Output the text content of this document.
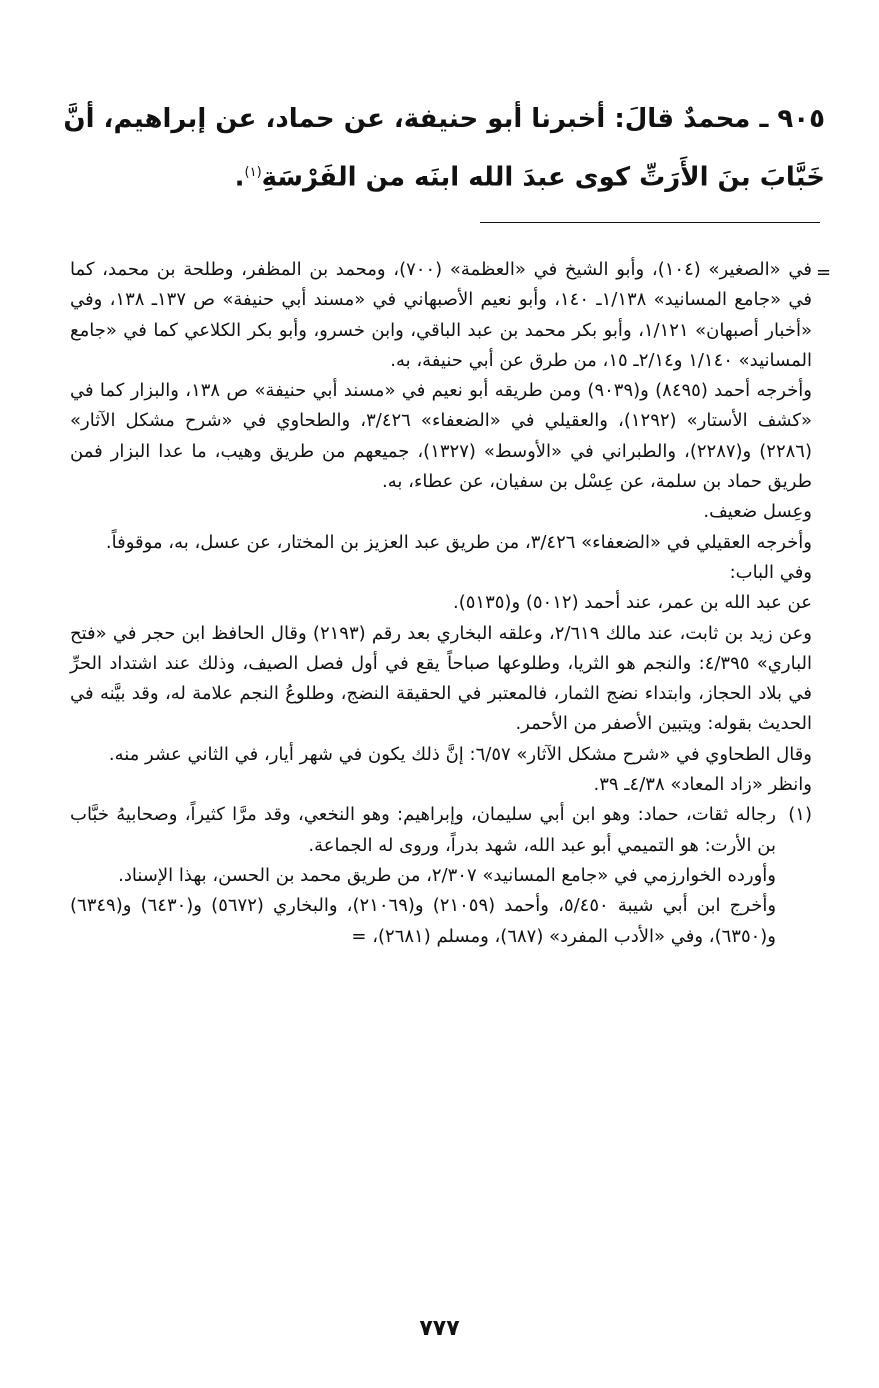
٩٠٥ ـ محمدٌ قالَ: أخبرنا أبو حنيفة، عن حماد، عن إبراهيم، أنَّ
خَبَّابَ بنَ الأَرَتِّ كوى عبدَ الله ابنَه من الفَرْسَةِ$^{(١)}$.
=

في «الصغير» (١٠٤)، وأبو الشيخ في «العظمة» (٧٠٠)، ومحمد بن المظفر، وطلحة بن محمد، كما في «جامع المسانيد» ١/١٣٨ـ ١٤٠، وأبو نعيم الأصبهاني في «مسند أبي حنيفة» ص ١٣٧ـ ١٣٨، وفي «أخبار أصبهان» ١/١٢١، وأبو بكر محمد بن عبد الباقي، وابن خسرو، وأبو بكر الكلاعي كما في «جامع المسانيد» ١/١٤٠ و٢/١٤ـ ١٥، من طرق عن أبي حنيفة، به.

وأخرجه أحمد (٨٤٩٥) و(٩٠٣٩) ومن طريقه أبو نعيم في «مسند أبي حنيفة» ص ١٣٨، والبزار كما في «كشف الأستار» (١٢٩٢)، والعقيلي في «الضعفاء» ٣/٤٢٦، والطحاوي في «شرح مشكل الآثار» (٢٢٨٦) و(٢٢٨٧)، والطبراني في «الأوسط» (١٣٢٧)، جميعهم من طريق وهيب، ما عدا البزار فمن طريق حماد بن سلمة، عن عِسْل بن سفيان، عن عطاء، به.

وعِسل ضعيف.

وأخرجه العقيلي في «الضعفاء» ٣/٤٢٦، من طريق عبد العزيز بن المختار، عن عسل، به، موقوفاً.

وفي الباب:

عن عبد الله بن عمر، عند أحمد (٥٠١٢) و(٥١٣٥).

وعن زيد بن ثابت، عند مالك ٢/٦١٩، وعلقه البخاري بعد رقم (٢١٩٣) وقال الحافظ ابن حجر في «فتح الباري» ٤/٣٩٥: والنجم هو الثريا، وطلوعها صباحاً يقع في أول فصل الصيف، وذلك عند اشتداد الحرِّ في بلاد الحجاز، وابتداء نضج الثمار، فالمعتبر في الحقيقة النضج، وطلوعُ النجم علامة له، وقد بيَّنه في الحديث بقوله: ويتبين الأصفر من الأحمر.

وقال الطحاوي في «شرح مشكل الآثار» ٦/٥٧: إنَّ ذلك يكون في شهر أيار، في الثاني عشر منه.

وانظر «زاد المعاد» ٤/٣٨ـ ٣٩.

(١)
رجاله ثقات، حماد: وهو ابن أبي سليمان، وإبراهيم: وهو النخعي، وقد مرَّا كثيراً، وصحابيهُ خبَّاب بن الأرت: هو التميمي أبو عبد الله، شهد بدراً، وروى له الجماعة.

وأورده الخوارزمي في «جامع المسانيد» ٢/٣٠٧، من طريق محمد بن الحسن، بهذا الإسناد.

وأخرج ابن أبي شيبة ٥/٤٥٠، وأحمد (٢١٠٥٩) و(٢١٠٦٩)، والبخاري (٥٦٧٢) و(٦٤٣٠) و(٦٣٤٩) و(٦٣٥٠)، وفي «الأدب المفرد» (٦٨٧)، ومسلم (٢٦٨١)، =

٧٧٧
